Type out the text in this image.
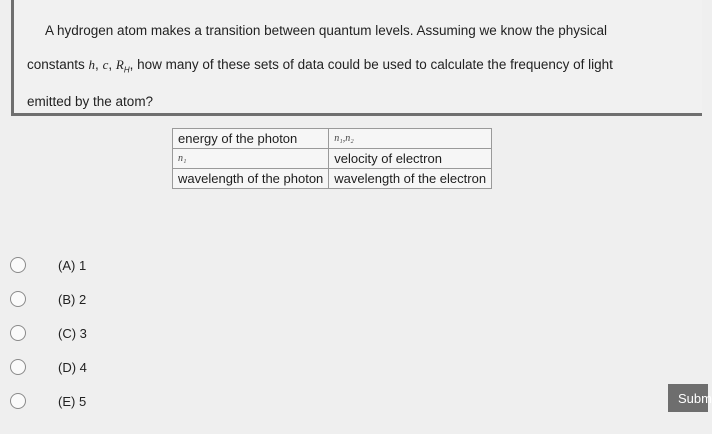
A hydrogen atom makes a transition between quantum levels. Assuming we know the physical
constants h, c, $R_H$, how many of these sets of data could be used to calculate the frequency of light
emitted by the atom?
energy of the photon	n₁,n₂
n₁	velocity of electron
wavelength of the photon	wavelength of the electron
(A) 1
(B) 2
(C) 3
(D) 4
(E) 5	Subm
